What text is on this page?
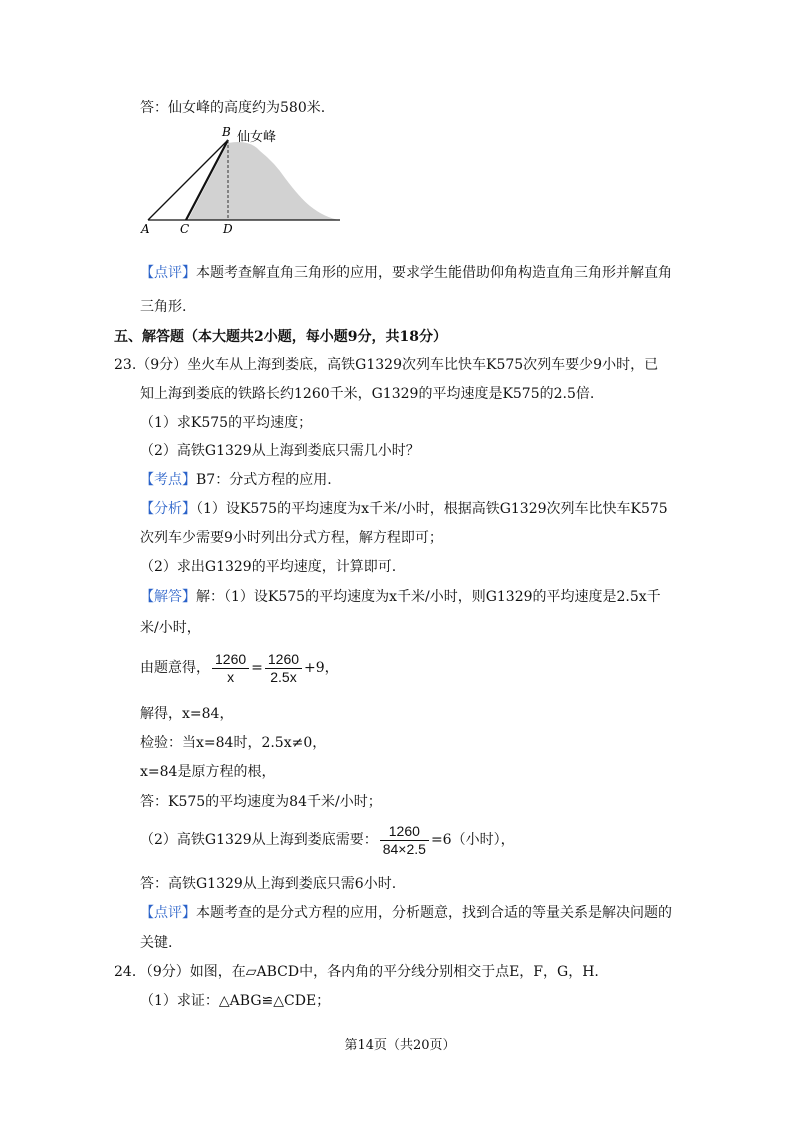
答：仙女峰的高度约为580米.
B 仙女峰
A	C	D
【点评】本题考查解直角三角形的应用，要求学生能借助仰角构造直角三角形并解直角
三角形.
五、解答题（本大题共2小题，每小题9分，共18分）
23.（9分）坐火车从上海到娄底，高铁G1329次列车比快车K575次列车要少9小时，已
知上海到娄底的铁路长约1260千米，G1329的平均速度是K575的2.5倍.
（1）求K575的平均速度；
（2）高铁G1329从上海到娄底只需几小时？
【考点】B7：分式方程的应用.
【分析】（1）设K575的平均速度为x千米/小时，根据高铁G1329次列车比快车K575
次列车少需要9小时列出分式方程，解方程即可；
（2）求出G1329的平均速度，计算即可.
【解答】解：（1）设K575的平均速度为x千米/小时，则G1329的平均速度是2.5x千
米/小时，
由题意得， $\frac{1260}{x} = \frac{1260}{2.5x} +9$，
解得，x=84，
检验：当x=84时，2.5x≠0，
x=84是原方程的根，
答：K575的平均速度为84千米/小时；
（2）高铁G1329从上海到娄底需要： $\frac{1260}{84\times 2.5} =6$（小时），
答：高铁G1329从上海到娄底只需6小时.
【点评】本题考查的是分式方程的应用，分析题意，找到合适的等量关系是解决问题的
关键.
24．（9分）如图，在▱ABCD中，各内角的平分线分别相交于点E，F，G，H.
（1）求证：△ABG≌△CDE；
第14页（共20页）
